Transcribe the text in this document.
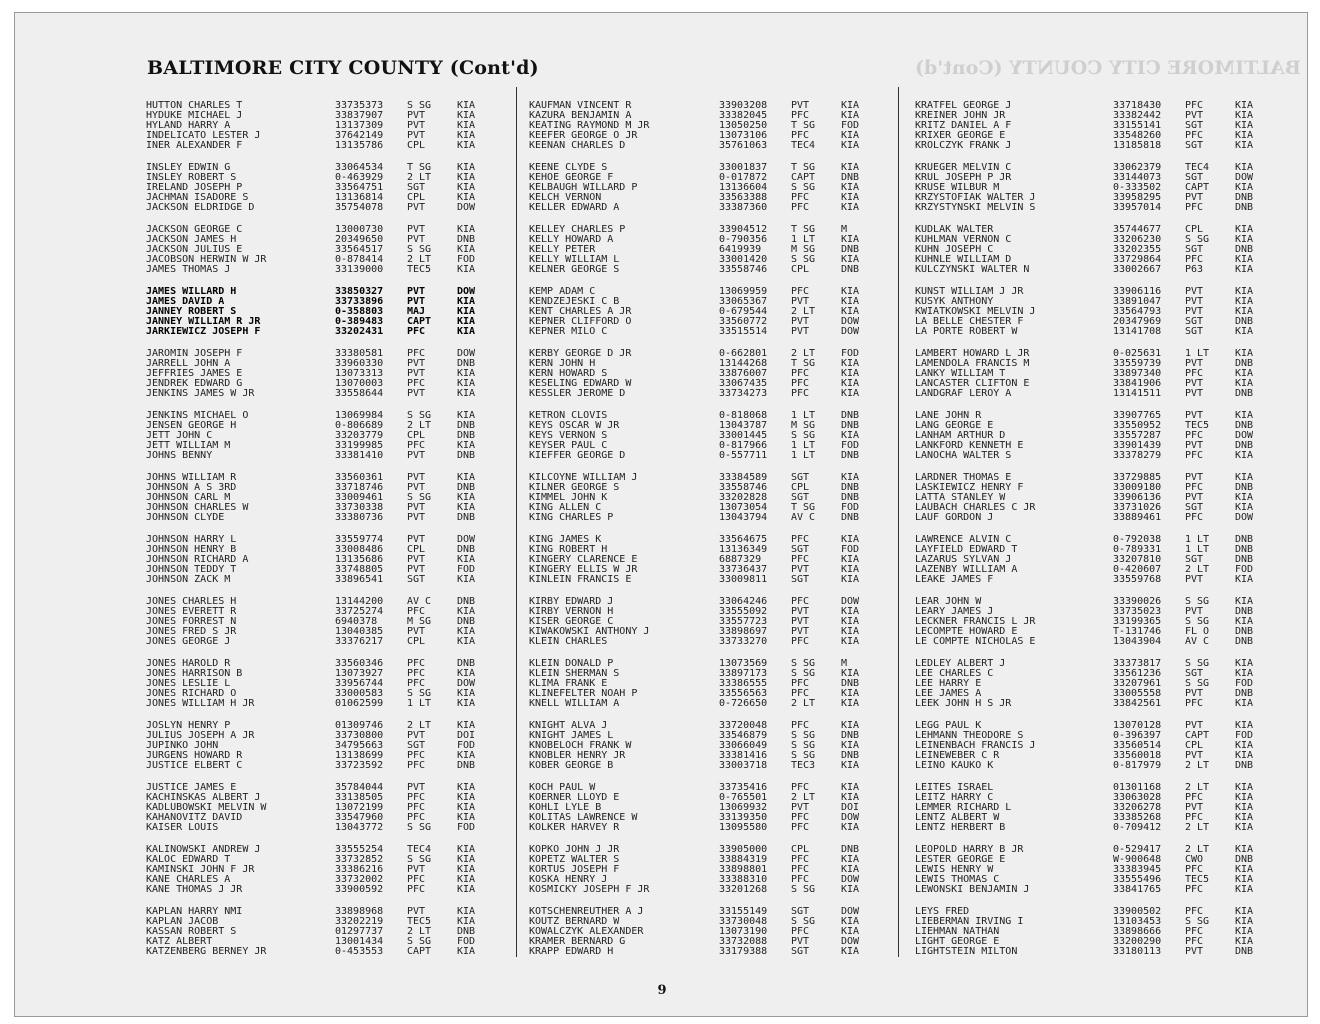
BALTIMORE CITY COUNTY (Cont'd)
BALTIMORE CITY COUNTY (Cont'd)
HUTTON CHARLES T	33735373	S SG	KIA
HYDUKE MICHAEL J	33837907	PVT	KIA
HYLAND HARRY A	13137309	PVT	KIA
INDELICATO LESTER J	37642149	PVT	KIA
INER ALEXANDER F	13135786	CPL	KIA
INSLEY EDWIN G	33064534	T SG	KIA
INSLEY ROBERT S	0-463929	2 LT	KIA
IRELAND JOSEPH P	33564751	SGT	KIA
JACHMAN ISADORE S	13136814	CPL	KIA
JACKSON ELDRIDGE D	35754078	PVT	DOW
JACKSON GEORGE C	13000730	PVT	KIA
JACKSON JAMES H	20349650	PVT	DNB
JACKSON JULIUS E	33564517	S SG	KIA
JACOBSON HERWIN W JR	0-878414	2 LT	FOD
JAMES THOMAS J	33139000	TEC5	KIA
JAMES WILLARD H	33850327	PVT	DOW
JAMES DAVID A	33733896	PVT	KIA
JANNEY ROBERT S	0-358803	MAJ	KIA
JANNEY WILLIAM R JR	0-389483	CAPT	KIA
JARKIEWICZ JOSEPH F	33202431	PFC	KIA
JAROMIN JOSEPH F	33380581	PFC	DOW
JARRELL JOHN A	33960330	PVT	DNB
JEFFRIES JAMES E	13073313	PVT	KIA
JENDREK EDWARD G	13070003	PFC	KIA
JENKINS JAMES W JR	33558644	PVT	KIA
JENKINS MICHAEL O	13069984	S SG	KIA
JENSEN GEORGE H	0-806689	2 LT	DNB
JETT JOHN C	33203779	CPL	DNB
JETT WILLIAM M	33199985	PFC	KIA
JOHNS BENNY	33381410	PVT	DNB
JOHNS WILLIAM R	33560361	PVT	KIA
JOHNSON A S 3RD	33718746	PVT	DNB
JOHNSON CARL M	33009461	S SG	KIA
JOHNSON CHARLES W	33730338	PVT	KIA
JOHNSON CLYDE	33380736	PVT	DNB
JOHNSON HARRY L	33559774	PVT	DOW
JOHNSON HENRY B	33008486	CPL	DNB
JOHNSON RICHARD A	13135686	PVT	KIA
JOHNSON TEDDY T	33748805	PVT	FOD
JOHNSON ZACK M	33896541	SGT	KIA
JONES CHARLES H	13144200	AV C	DNB
JONES EVERETT R	33725274	PFC	KIA
JONES FORREST N	6940378	M SG	DNB
JONES FRED S JR	13040385	PVT	KIA
JONES GEORGE J	33376217	CPL	KIA
JONES HAROLD R	33560346	PFC	DNB
JONES HARRISON B	13073927	PFC	KIA
JONES LESLIE L	33956744	PFC	DOW
JONES RICHARD O	33000583	S SG	KIA
JONES WILLIAM H JR	01062599	1 LT	KIA
JOSLYN HENRY P	01309746	2 LT	KIA
JULIUS JOSEPH A JR	33730800	PVT	DOI
JUPINKO JOHN	34795663	SGT	FOD
JURGENS HOWARD R	13138699	PFC	KIA
JUSTICE ELBERT C	33723592	PFC	DNB
JUSTICE JAMES E	35784044	PVT	KIA
KACHINSKAS ALBERT J	33138505	PFC	KIA
KADLUBOWSKI MELVIN W	13072199	PFC	KIA
KAHANOVITZ DAVID	33547960	PFC	KIA
KAISER LOUIS	13043772	S SG	FOD
KALINOWSKI ANDREW J	33555254	TEC4	KIA
KALOC EDWARD T	33732852	S SG	KIA
KAMINSKI JOHN F JR	33386216	PVT	KIA
KANE CHARLES A	33732002	PFC	KIA
KANE THOMAS J JR	33900592	PFC	KIA
KAPLAN HARRY NMI	33898968	PVT	KIA
KAPLAN JACOB	33202219	TEC5	KIA
KASSAN ROBERT S	01297737	2 LT	DNB
KATZ ALBERT	13001434	S SG	FOD
KATZENBERG BERNEY JR	0-453553	CAPT	KIA
KAUFMAN VINCENT R	33903208	PVT	KIA
KAZURA BENJAMIN A	33382045	PFC	KIA
KEATING RAYMOND M JR	13050250	T SG	FOD
KEEFER GEORGE O JR	13073106	PFC	KIA
KEENAN CHARLES D	35761063	TEC4	KIA
KEENE CLYDE S	33001837	T SG	KIA
KEHOE GEORGE F	0-017872	CAPT	DNB
KELBAUGH WILLARD P	13136604	S SG	KIA
KELCH VERNON	33563388	PFC	KIA
KELLER EDWARD A	33387360	PFC	KIA
KELLEY CHARLES P	33904512	T SG	M
KELLY HOWARD A	0-790356	1 LT	KIA
KELLY PETER	6419939	M SG	DNB
KELLY WILLIAM L	33001420	S SG	KIA
KELNER GEORGE S	33558746	CPL	DNB
KEMP ADAM C	13069959	PFC	KIA
KENDZEJESKI C B	33065367	PVT	KIA
KENT CHARLES A JR	0-679544	2 LT	KIA
KEPNER CLIFFORD O	33560772	PVT	DOW
KEPNER MILO C	33515514	PVT	DOW
KERBY GEORGE D JR	0-662801	2 LT	FOD
KERN JOHN H	13144268	T SG	KIA
KERN HOWARD S	33876007	PFC	KIA
KESELING EDWARD W	33067435	PFC	KIA
KESSLER JEROME D	33734273	PFC	KIA
KETRON CLOVIS	0-818068	1 LT	DNB
KEYS OSCAR W JR	13043787	M SG	DNB
KEYS VERNON S	33001445	S SG	KIA
KEYSER PAUL C	0-817966	1 LT	FOD
KIEFFER GEORGE D	0-557711	1 LT	DNB
KILCOYNE WILLIAM J	33384589	SGT	KIA
KILNER GEORGE S	33558746	CPL	DNB
KIMMEL JOHN K	33202828	SGT	DNB
KING ALLEN C	13073054	T SG	FOD
KING CHARLES P	13043794	AV C	DNB
KING JAMES K	33564675	PFC	KIA
KING ROBERT H	13136349	SGT	FOD
KINGERY CLARENCE E	6887329	PFC	KIA
KINGERY ELLIS W JR	33736437	PVT	KIA
KINLEIN FRANCIS E	33009811	SGT	KIA
KIRBY EDWARD J	33064246	PFC	DOW
KIRBY VERNON H	33555092	PVT	KIA
KISER GEORGE C	33557723	PVT	KIA
KIWAKOWSKI ANTHONY J	33898697	PVT	KIA
KLEIN CHARLES	33733270	PFC	KIA
KLEIN DONALD P	13073569	S SG	M
KLEIN SHERMAN S	33897173	S SG	KIA
KLIMA FRANK E	33386555	PFC	DNB
KLINEFELTER NOAH P	33556563	PFC	KIA
KNELL WILLIAM A	0-726650	2 LT	KIA
KNIGHT ALVA J	33720048	PFC	KIA
KNIGHT JAMES L	33546879	S SG	DNB
KNOBELOCH FRANK W	33066049	S SG	KIA
KNOBLER HENRY JR	33381416	S SG	DNB
KOBER GEORGE B	33003718	TEC3	KIA
KOCH PAUL W	33735416	PFC	KIA
KOERNER LLOYD E	0-765501	2 LT	KIA
KOHLI LYLE B	13069932	PVT	DOI
KOLITAS LAWRENCE W	33139350	PFC	DOW
KOLKER HARVEY R	13095580	PFC	KIA
KOPKO JOHN J JR	33905000	CPL	DNB
KOPETZ WALTER S	33884319	PFC	KIA
KORTUS JOSEPH F	33898801	PFC	KIA
KOSKA HENRY J	33388310	PFC	DOW
KOSMICKY JOSEPH F JR	33201268	S SG	KIA
KOTSCHENREUTHER A J	33155149	SGT	DOW
KOUTZ BERNARD W	33730048	S SG	KIA
KOWALCZYK ALEXANDER	13073190	PFC	KIA
KRAMER BERNARD G	33732088	PVT	DOW
KRAPP EDWARD H	33179388	SGT	KIA
KRATFEL GEORGE J	33718430	PFC	KIA
KREINER JOHN JR	33382442	PVT	KIA
KRITZ DANIEL A F	33155141	SGT	KIA
KRIXER GEORGE E	33548260	PFC	KIA
KROLCZYK FRANK J	13185818	SGT	KIA
KRUEGER MELVIN C	33062379	TEC4	KIA
KRUL JOSEPH P JR	33144073	SGT	DOW
KRUSE WILBUR M	0-333502	CAPT	KIA
KRZYSTOFIAK WALTER J	33958295	PVT	DNB
KRZYSTYNSKI MELVIN S	33957014	PFC	DNB
KUDLAK WALTER	35744677	CPL	KIA
KUHLMAN VERNON C	33206230	S SG	KIA
KUHN JOSEPH C	33202355	SGT	DNB
KUHNLE WILLIAM D	33729864	PFC	KIA
KULCZYNSKI WALTER N	33002667	P63	KIA
KUNST WILLIAM J JR	33906116	PVT	KIA
KUSYK ANTHONY	33891047	PVT	KIA
KWIATKOWSKI MELVIN J	33564793	PVT	KIA
LA BELLE CHESTER F	20347969	SGT	DNB
LA PORTE ROBERT W	13141708	SGT	KIA
LAMBERT HOWARD L JR	0-025631	1 LT	KIA
LAMENDOLA FRANCIS M	33559739	PVT	DNB
LANKY WILLIAM T	33897340	PFC	KIA
LANCASTER CLIFTON E	33841906	PVT	KIA
LANDGRAF LEROY A	13141511	PVT	DNB
LANE JOHN R	33907765	PVT	KIA
LANG GEORGE E	33550952	TEC5	DNB
LANHAM ARTHUR D	33557287	PFC	DOW
LANKFORD KENNETH E	33901439	PVT	DNB
LANOCHA WALTER S	33378279	PFC	KIA
LARDNER THOMAS E	33729885	PVT	KIA
LASKIEWICZ HENRY F	33009180	PFC	DNB
LATTA STANLEY W	33906136	PVT	KIA
LAUBACH CHARLES C JR	33731026	SGT	KIA
LAUF GORDON J	33889461	PFC	DOW
LAWRENCE ALVIN C	0-792038	1 LT	DNB
LAYFIELD EDWARD T	0-789331	1 LT	DNB
LAZARUS SYLVAN J	33207810	SGT	DNB
LAZENBY WILLIAM A	0-420607	2 LT	FOD
LEAKE JAMES F	33559768	PVT	KIA
LEAR JOHN W	33390026	S SG	KIA
LEARY JAMES J	33735023	PVT	DNB
LECKNER FRANCIS L JR	33199365	S SG	KIA
LECOMPTE HOWARD E	T-131746	FL O	DNB
LE COMPTE NICHOLAS E	13043904	AV C	DNB
LEDLEY ALBERT J	33373817	S SG	KIA
LEE CHARLES C	33561236	SGT	KIA
LEE HARRY E	33207961	S SG	FOD
LEE JAMES A	33005558	PVT	DNB
LEEK JOHN H S JR	33842561	PFC	KIA
LEGG PAUL K	13070128	PVT	KIA
LEHMANN THEODORE S	0-396397	CAPT	FOD
LEINENBACH FRANCIS J	33560514	CPL	KIA
LEINEWEBER C R	33560018	PVT	KIA
LEINO KAUKO K	0-817979	2 LT	DNB
LEITES ISRAEL	01301168	2 LT	KIA
LEITZ HARRY C	33063028	PFC	KIA
LEMMER RICHARD L	33206278	PVT	KIA
LENTZ ALBERT W	33385268	PFC	KIA
LENTZ HERBERT B	0-709412	2 LT	KIA
LEOPOLD HARRY B JR	0-529417	2 LT	KIA
LESTER GEORGE E	W-900648	CWO	DNB
LEWIS HENRY W	33383945	PFC	KIA
LEWIS THOMAS C	33555496	TEC5	KIA
LEWONSKI BENJAMIN J	33841765	PFC	KIA
LEYS FRED	33900502	PFC	KIA
LIEBERMAN IRVING I	13103453	S SG	KIA
LIEHMAN NATHAN	33898666	PFC	KIA
LIGHT GEORGE E	33200290	PFC	KIA
LIGHTSTEIN MILTON	33180113	PVT	DNB
9
